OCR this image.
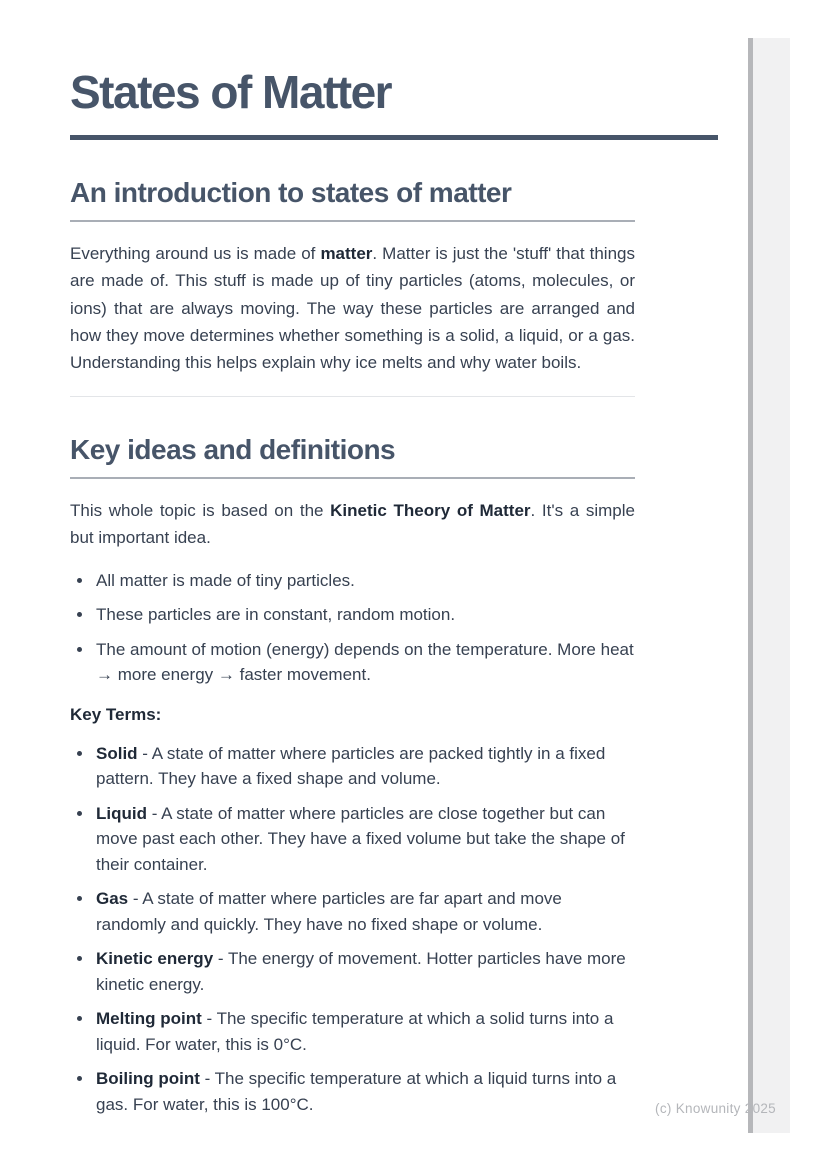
States of Matter
An introduction to states of matter

Everything around us is made of matter. Matter is just the 'stuff' that things are made of. This stuff is made up of tiny particles (atoms, molecules, or ions) that are always moving. The way these particles are arranged and how they move determines whether something is a solid, a liquid, or a gas. Understanding this helps explain why ice melts and why water boils.

Key ideas and definitions

This whole topic is based on the Kinetic Theory of Matter. It's a simple but important idea.

• All matter is made of tiny particles.
• These particles are in constant, random motion.
• The amount of motion (energy) depends on the temperature. More heat → more energy → faster movement.

Key Terms:

• Solid - A state of matter where particles are packed tightly in a fixed pattern. They have a fixed shape and volume.
• Liquid - A state of matter where particles are close together but can move past each other. They have a fixed volume but take the shape of their container.
• Gas - A state of matter where particles are far apart and move randomly and quickly. They have no fixed shape or volume.
• Kinetic energy - The energy of movement. Hotter particles have more kinetic energy.
• Melting point - The specific temperature at which a solid turns into a liquid. For water, this is 0°C.
• Boiling point - The specific temperature at which a liquid turns into a gas. For water, this is 100°C.	(c) Knowunity 2025
